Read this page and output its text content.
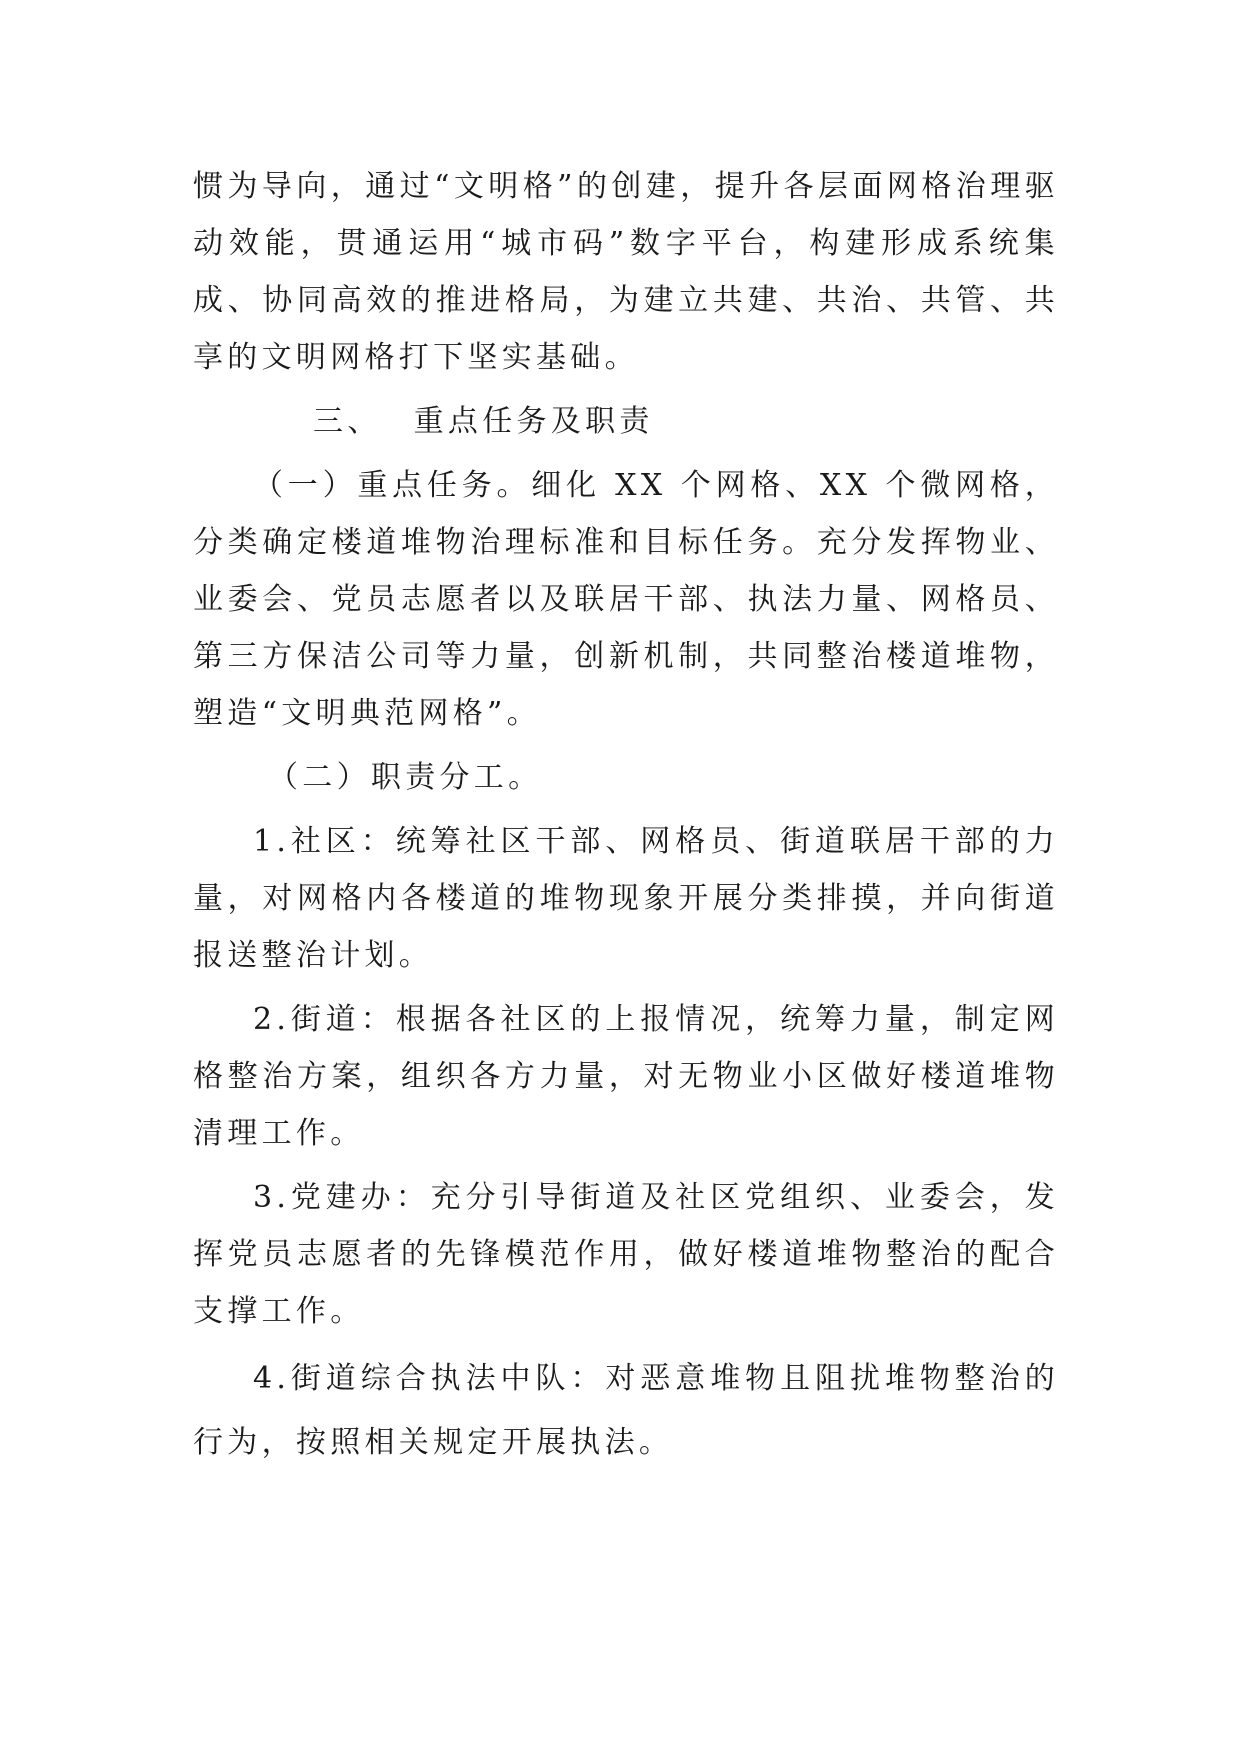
惯为导向，通过“文明格”的创建，提升各层面网格治理驱动效能，贯通运用“城市码”数字平台，构建形成系统集成、协同高效的推进格局，为建立共建、共治、共管、共享的文明网格打下坚实基础。

三、 重点任务及职责

（一）重点任务。细化 XX 个网格、XX 个微网格，分类确定楼道堆物治理标准和目标任务。充分发挥物业、业委会、党员志愿者以及联居干部、执法力量、网格员、第三方保洁公司等力量，创新机制，共同整治楼道堆物，塑造“文明典范网格”。

（二）职责分工。

1.社区：统筹社区干部、网格员、街道联居干部的力量，对网格内各楼道的堆物现象开展分类排摸，并向街道报送整治计划。

2.街道：根据各社区的上报情况，统筹力量，制定网格整治方案，组织各方力量，对无物业小区做好楼道堆物清理工作。

3.党建办：充分引导街道及社区党组织、业委会，发挥党员志愿者的先锋模范作用，做好楼道堆物整治的配合支撑工作。

4.街道综合执法中队：对恶意堆物且阻扰堆物整治的行为，按照相关规定开展执法。
